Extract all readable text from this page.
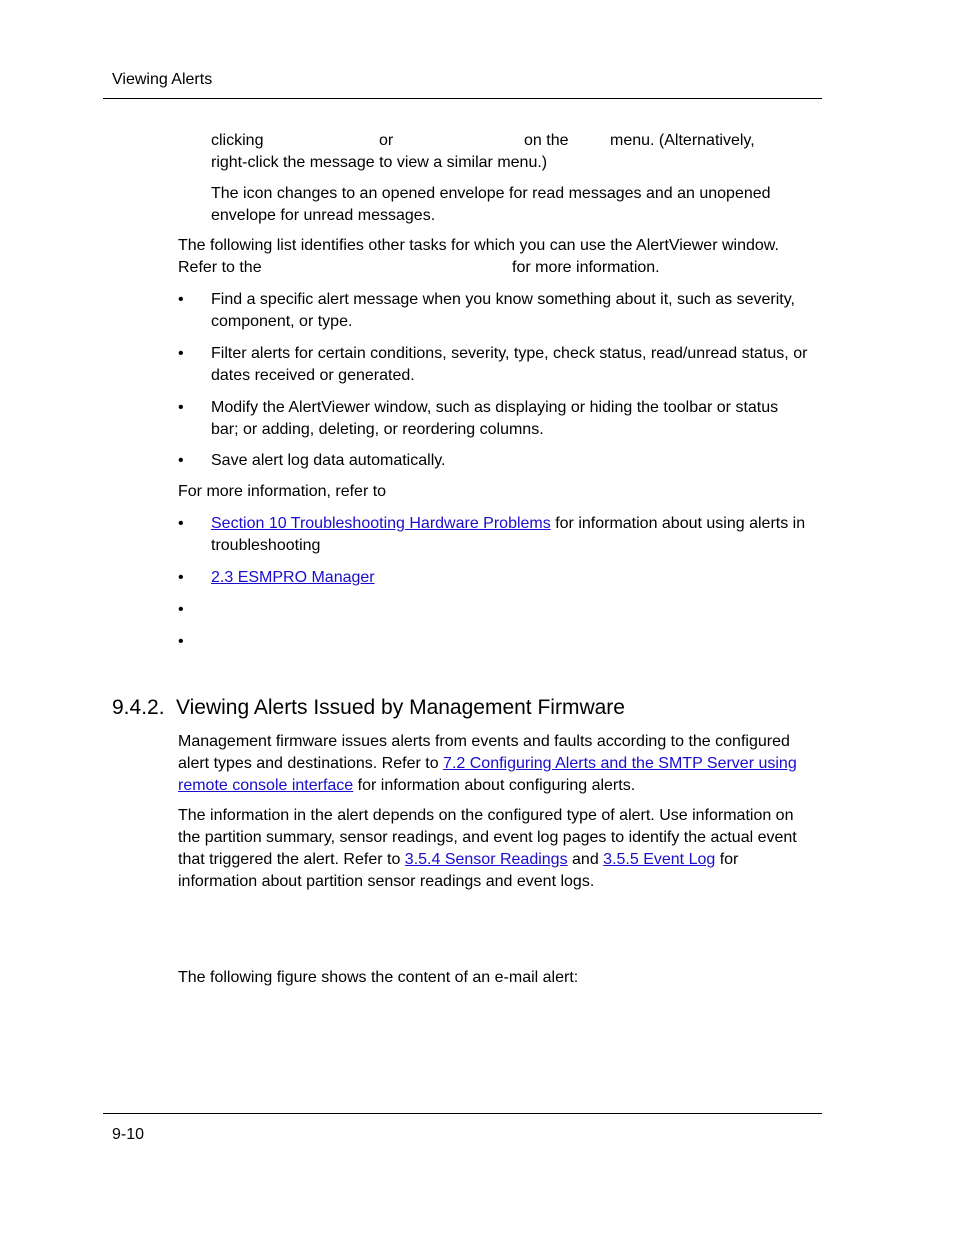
Viewing Alerts
clicking	or	on the	menu. (Alternatively,
right-click the message to view a similar menu.)
The icon changes to an opened envelope for read messages and an unopened envelope for unread messages.
The following list identifies other tasks for which you can use the AlertViewer window.
Refer to the	for more information.
•	Find a specific alert message when you know something about it, such as severity, component, or type.
•	Filter alerts for certain conditions, severity, type, check status, read/unread status, or dates received or generated.
•	Modify the AlertViewer window, such as displaying or hiding the toolbar or status bar; or adding, deleting, or reordering columns.
•	Save alert log data automatically.
For more information, refer to
•	Section 10 Troubleshooting Hardware Problems for information about using alerts in troubleshooting
•	2.3 ESMPRO Manager
•
•
9.4.2. Viewing Alerts Issued by Management Firmware
Management firmware issues alerts from events and faults according to the configured alert types and destinations. Refer to 7.2 Configuring Alerts and the SMTP Server using remote console interface for information about configuring alerts.
The information in the alert depends on the configured type of alert. Use information on the partition summary, sensor readings, and event log pages to identify the actual event that triggered the alert. Refer to 3.5.4 Sensor Readings and 3.5.5 Event Log for information about partition sensor readings and event logs.
The following figure shows the content of an e-mail alert:
9-10
